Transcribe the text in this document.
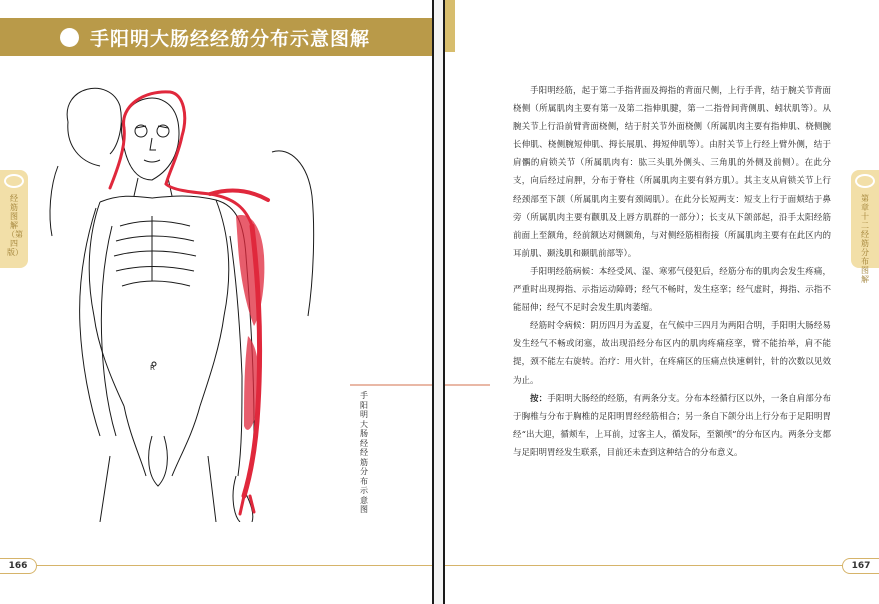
手阳明大肠经经筋分布示意图解
经筋图解（第四版）
R
手阳明大肠经经筋分布示意图
166
第 章 十二经筋分布图解

手阳明经筋，起于第二手指背面及拇指的背面尺侧，上行手背，结于腕关节背面桡侧（所属肌肉主要有第一及第二指伸肌腱，第一二指骨间背侧肌、蚓状肌等）。从腕关节上行沿前臂背面桡侧，结于肘关节外面桡侧（所属肌肉主要有指伸肌、桡侧腕长伸肌、桡侧腕短伸肌、拇长展肌、拇短伸肌等）。由肘关节上行经上臂外侧，结于肩髃的肩锁关节（所属肌肉有：肱三头肌外侧头、三角肌的外侧及前侧）。在此分支，向后经过肩胛，分布于脊柱（所属肌肉主要有斜方肌）。其主支从肩锁关节上行经颈部至下颌（所属肌肉主要有颈阔肌）。在此分长短两支：短支上行于面颊结于鼻旁（所属肌肉主要有颧肌及上唇方肌群的一部分）；长支从下颌部起，沿手太阳经筋前面上至额角，经前额达对侧额角，与对侧经筋相衔接（所属肌肉主要有在此区内的耳前肌、颞浅肌和颞肌前部等）。

手阳明经筋病候：本经受风、湿、寒邪气侵犯后，经筋分布的肌肉会发生疼痛，严重时出现拇指、示指运动障碍；经气不畅时，发生痉挛；经气虚时，拇指、示指不能屈伸；经气不足时会发生肌肉萎缩。

经筋时令病候：阴历四月为孟夏，在气候中三四月为两阳合明，手阳明大肠经易发生经气不畅或闭塞，故出现沿经分布区内的肌肉疼痛痉挛，臂不能抬举，肩不能提，颈不能左右旋转。治疗：用火针，在疼痛区的压痛点快速刺针，针的次数以见效为止。

按：手阳明大肠经的经筋，有两条分支。分布本经循行区以外，一条自肩部分布于胸椎与分布于胸椎的足阳明胃经经筋相合；另一条自下颌分出上行分布于足阳明胃经“出大迎，循颊车，上耳前，过客主人，循发际，至额颅”的分布区内。两条分支都与足阳明胃经发生联系，目前还未查到这种结合的分布意义。

167
